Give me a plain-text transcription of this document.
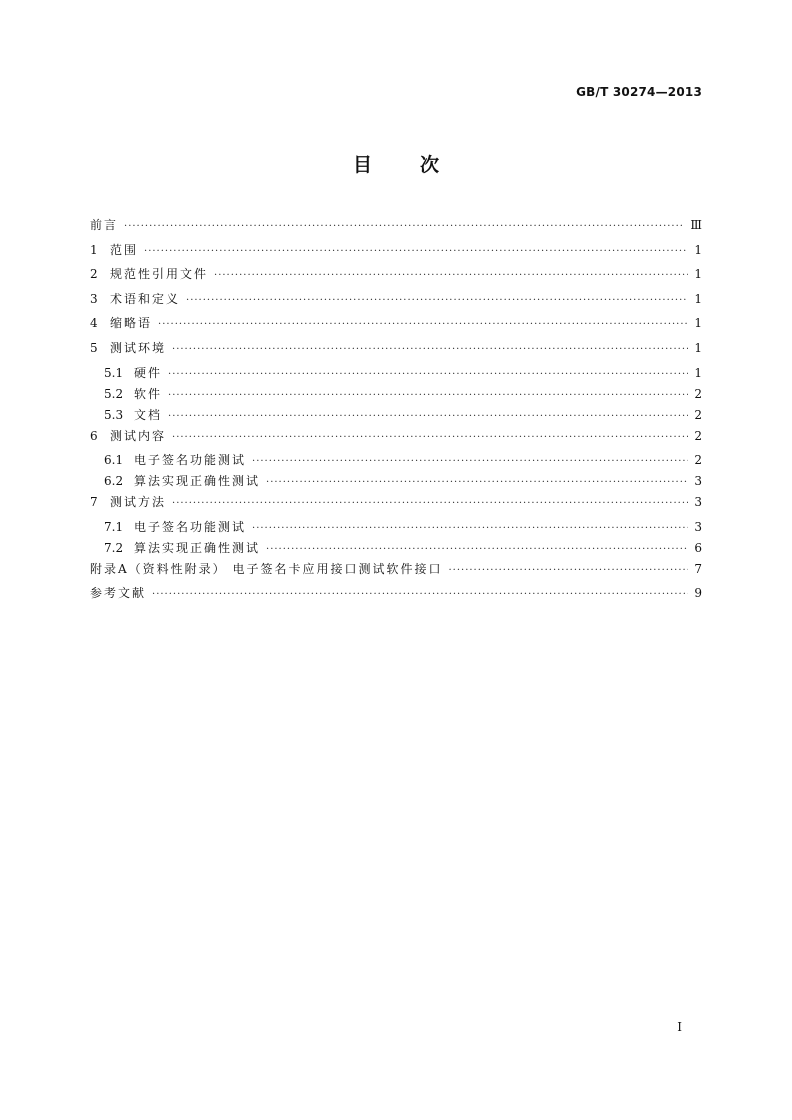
GB/T 30274—2013
目	次
前言 ·····	Ⅲ
1	范围 ·····	1
2	规范性引用文件 ·····	1
3	术语和定义 ·····	1
4	缩略语 ·····	1
5	测试环境 ·····	1
5.1 硬件 ·····	1
5.2 软件 ·····	2
5.3 文档 ·····	2
6	测试内容 ·····	2
6.1 电子签名功能测试 ·····	2
6.2 算法实现正确性测试 ·····	3
7	测试方法 ·····	3
7.1 电子签名功能测试 ·····	3
7.2 算法实现正确性测试 ·····	6
附录A（资料性附录） 电子签名卡应用接口测试软件接口 ·····	7
参考文献 ·····	9
I
